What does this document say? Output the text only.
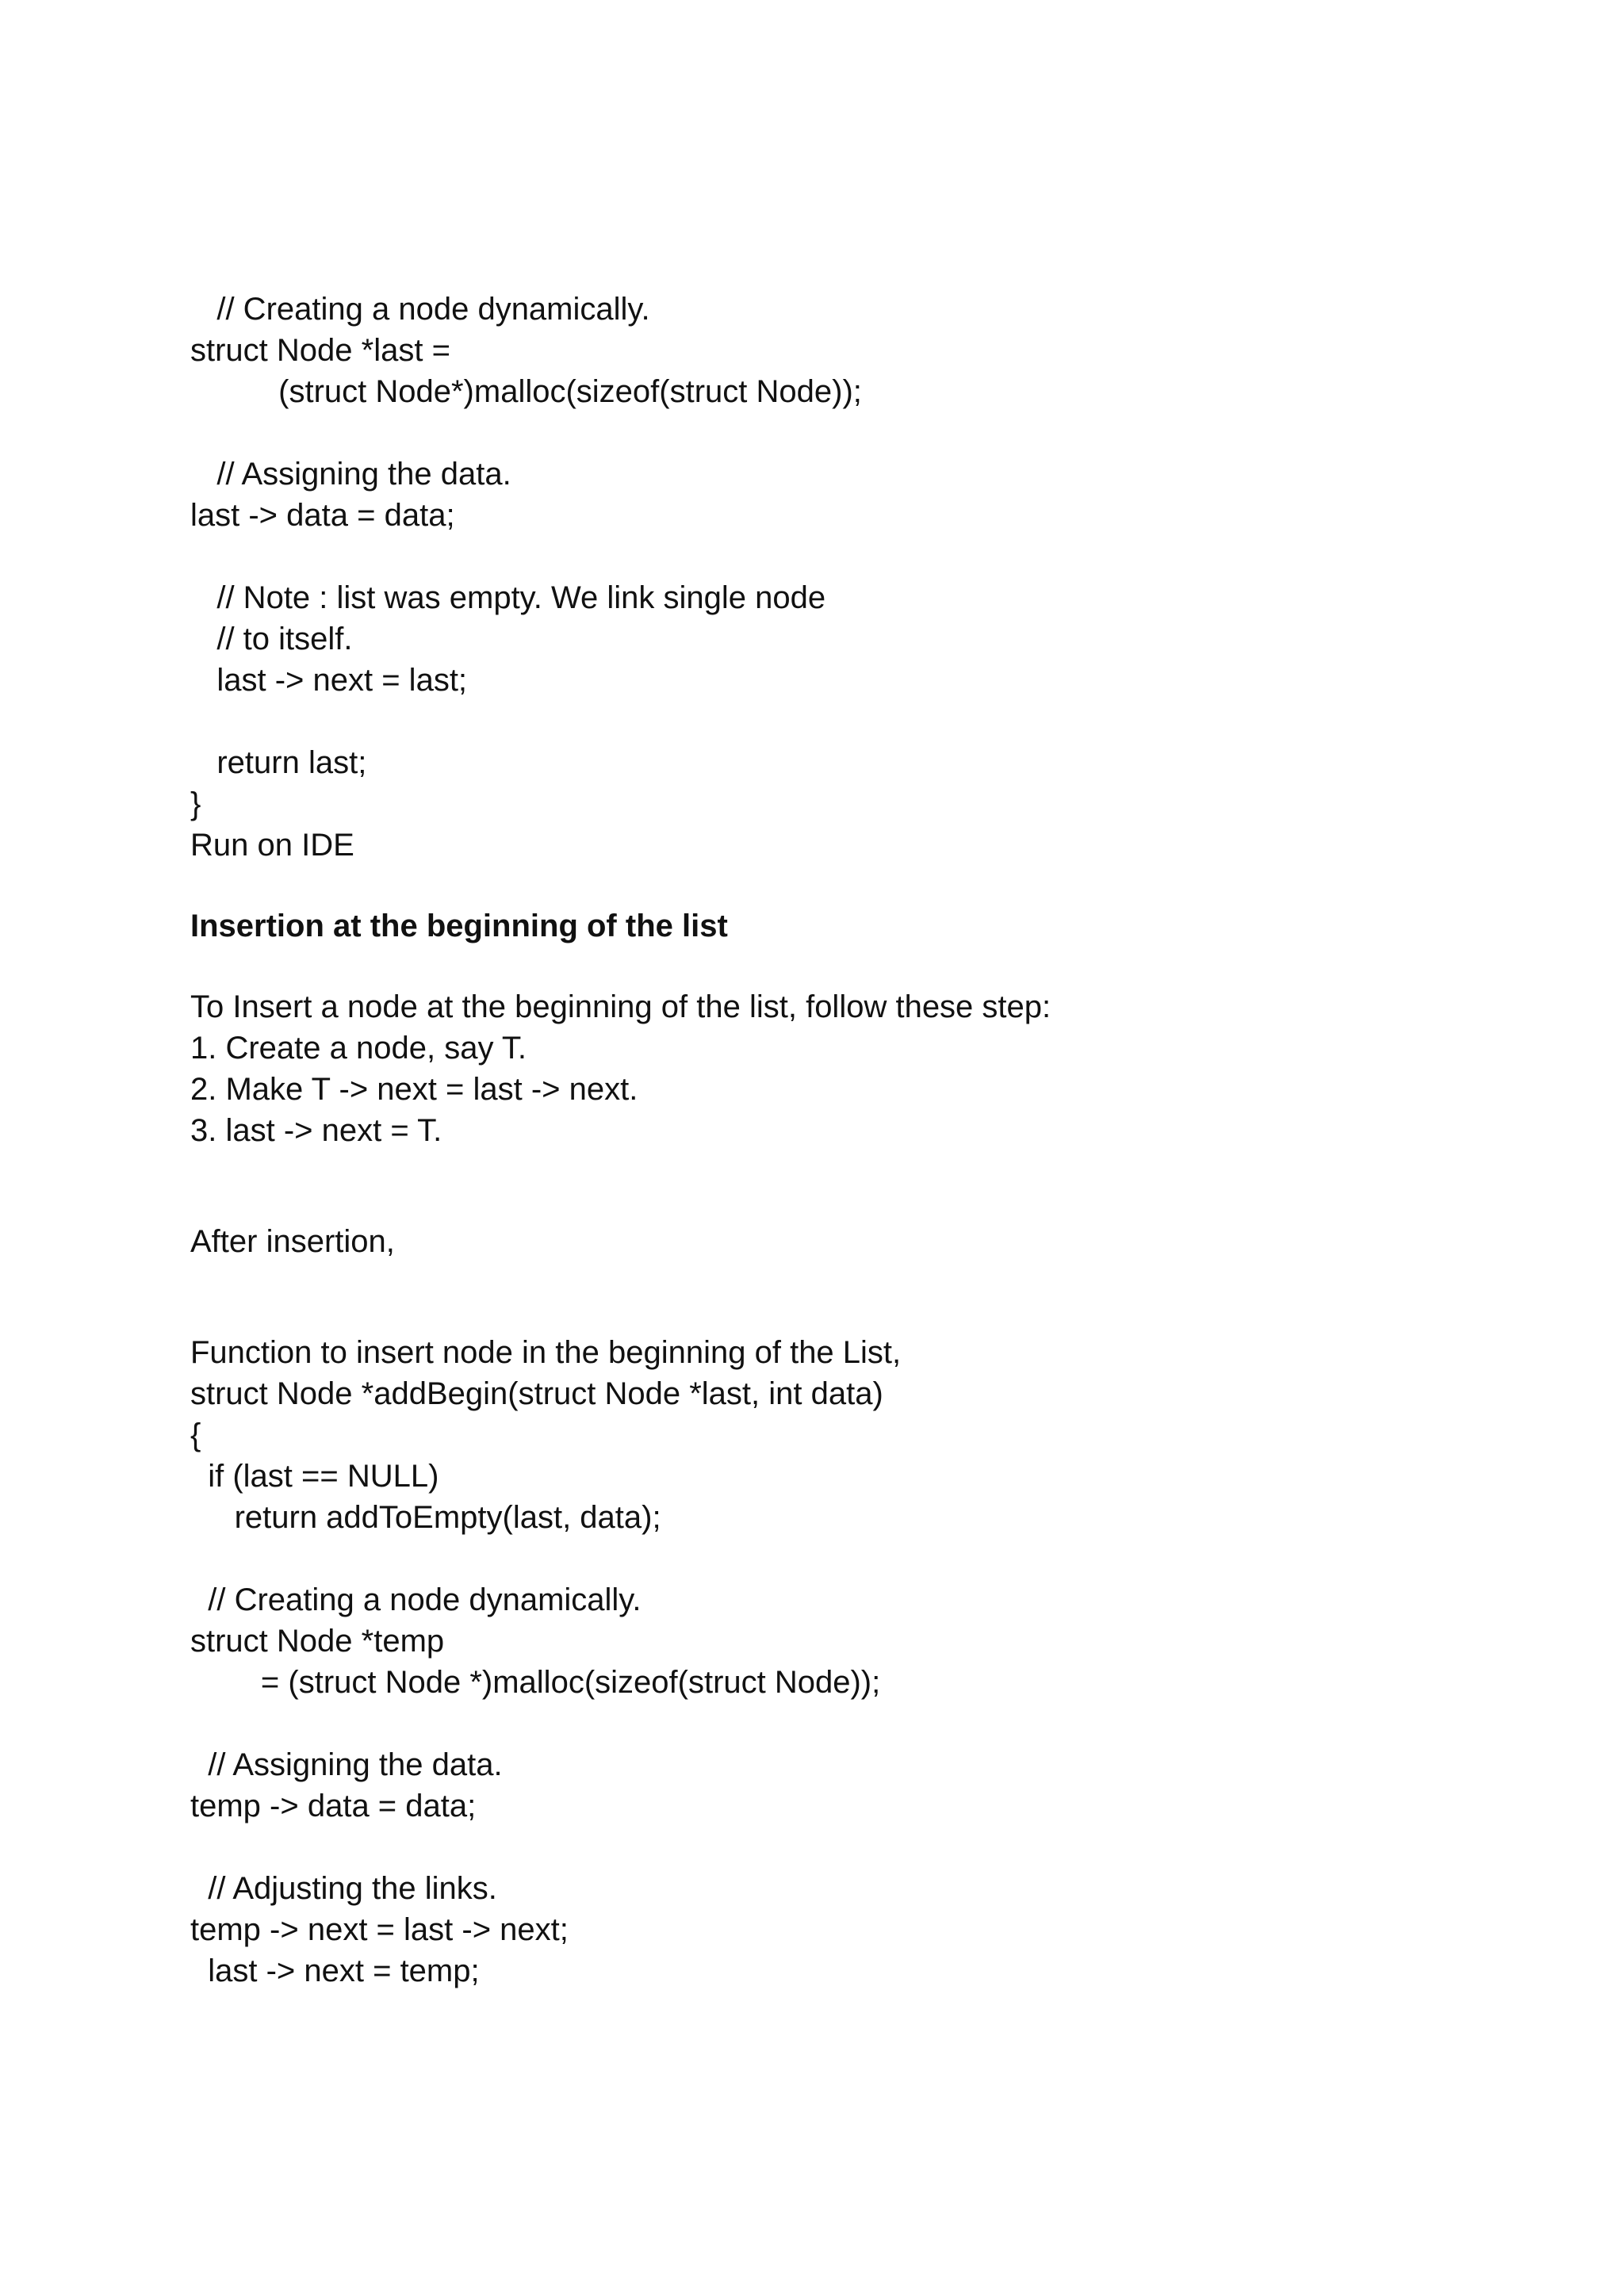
// Creating a node dynamically.
struct Node *last =
(struct Node*)malloc(sizeof(struct Node));
// Assigning the data.
last -> data = data;
// Note : list was empty. We link single node
// to itself.
last -> next = last;
return last;
}
Run on IDE
Insertion at the beginning of the list
To Insert a node at the beginning of the list, follow these step:
1. Create a node, say T.
2. Make T -> next = last -> next.
3. last -> next = T.
After insertion,
Function to insert node in the beginning of the List,
struct Node *addBegin(struct Node *last, int data)
{
if (last == NULL)
return addToEmpty(last, data);
// Creating a node dynamically.
struct Node *temp
= (struct Node *)malloc(sizeof(struct Node));
// Assigning the data.
temp -> data = data;
// Adjusting the links.
temp -> next = last -> next;
last -> next = temp;
